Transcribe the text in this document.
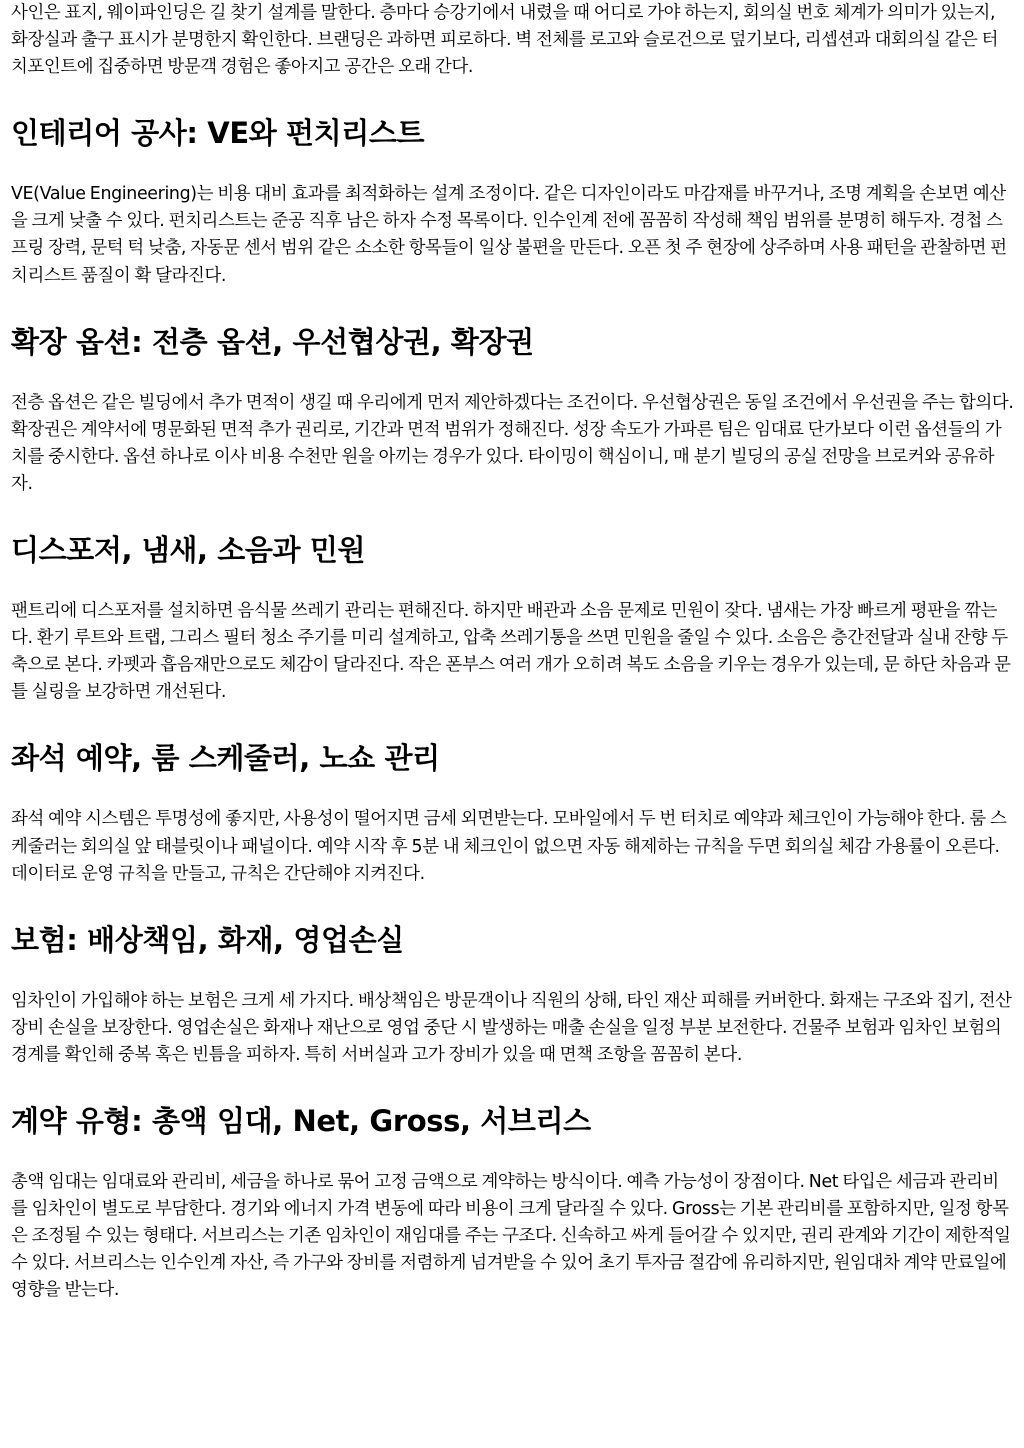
사인은 표지, 웨이파인딩은 길 찾기 설계를 말한다. 층마다 승강기에서 내렸을 때 어디로 가야 하는지, 회의실 번호 체계가 의미가 있는지, 화장실과 출구 표시가 분명한지 확인한다. 브랜딩은 과하면 피로하다. 벽 전체를 로고와 슬로건으로 덮기보다, 리셉션과 대회의실 같은 터치포인트에 집중하면 방문객 경험은 좋아지고 공간은 오래 간다.

인테리어 공사: VE와 펀치리스트

VE(Value Engineering)는 비용 대비 효과를 최적화하는 설계 조정이다. 같은 디자인이라도 마감재를 바꾸거나, 조명 계획을 손보면 예산을 크게 낮출 수 있다. 펀치리스트는 준공 직후 남은 하자 수정 목록이다. 인수인계 전에 꼼꼼히 작성해 책임 범위를 분명히 해두자. 경첩 스프링 장력, 문턱 턱 낮춤, 자동문 센서 범위 같은 소소한 항목들이 일상 불편을 만든다. 오픈 첫 주 현장에 상주하며 사용 패턴을 관찰하면 펀치리스트 품질이 확 달라진다.

확장 옵션: 전층 옵션, 우선협상권, 확장권

전층 옵션은 같은 빌딩에서 추가 면적이 생길 때 우리에게 먼저 제안하겠다는 조건이다. 우선협상권은 동일 조건에서 우선권을 주는 합의다. 확장권은 계약서에 명문화된 면적 추가 권리로, 기간과 면적 범위가 정해진다. 성장 속도가 가파른 팀은 임대료 단가보다 이런 옵션들의 가치를 중시한다. 옵션 하나로 이사 비용 수천만 원을 아끼는 경우가 있다. 타이밍이 핵심이니, 매 분기 빌딩의 공실 전망을 브로커와 공유하자.

디스포저, 냄새, 소음과 민원

팬트리에 디스포저를 설치하면 음식물 쓰레기 관리는 편해진다. 하지만 배관과 소음 문제로 민원이 잦다. 냄새는 가장 빠르게 평판을 깎는다. 환기 루트와 트랩, 그리스 필터 청소 주기를 미리 설계하고, 압축 쓰레기통을 쓰면 민원을 줄일 수 있다. 소음은 층간전달과 실내 잔향 두 축으로 본다. 카펫과 흡음재만으로도 체감이 달라진다. 작은 폰부스 여러 개가 오히려 복도 소음을 키우는 경우가 있는데, 문 하단 차음과 문틀 실링을 보강하면 개선된다.

좌석 예약, 룸 스케줄러, 노쇼 관리

좌석 예약 시스템은 투명성에 좋지만, 사용성이 떨어지면 금세 외면받는다. 모바일에서 두 번 터치로 예약과 체크인이 가능해야 한다. 룸 스케줄러는 회의실 앞 태블릿이나 패널이다. 예약 시작 후 5분 내 체크인이 없으면 자동 해제하는 규칙을 두면 회의실 체감 가용률이 오른다. 데이터로 운영 규칙을 만들고, 규칙은 간단해야 지켜진다.

보험: 배상책임, 화재, 영업손실

임차인이 가입해야 하는 보험은 크게 세 가지다. 배상책임은 방문객이나 직원의 상해, 타인 재산 피해를 커버한다. 화재는 구조와 집기, 전산 장비 손실을 보장한다. 영업손실은 화재나 재난으로 영업 중단 시 발생하는 매출 손실을 일정 부분 보전한다. 건물주 보험과 임차인 보험의 경계를 확인해 중복 혹은 빈틈을 피하자. 특히 서버실과 고가 장비가 있을 때 면책 조항을 꼼꼼히 본다.

계약 유형: 총액 임대, Net, Gross, 서브리스

총액 임대는 임대료와 관리비, 세금을 하나로 묶어 고정 금액으로 계약하는 방식이다. 예측 가능성이 장점이다. Net 타입은 세금과 관리비를 임차인이 별도로 부담한다. 경기와 에너지 가격 변동에 따라 비용이 크게 달라질 수 있다. Gross는 기본 관리비를 포함하지만, 일정 항목은 조정될 수 있는 형태다. 서브리스는 기존 임차인이 재임대를 주는 구조다. 신속하고 싸게 들어갈 수 있지만, 권리 관계와 기간이 제한적일 수 있다. 서브리스는 인수인계 자산, 즉 가구와 장비를 저렴하게 넘겨받을 수 있어 초기 투자금 절감에 유리하지만, 원임대차 계약 만료일에 영향을 받는다.
